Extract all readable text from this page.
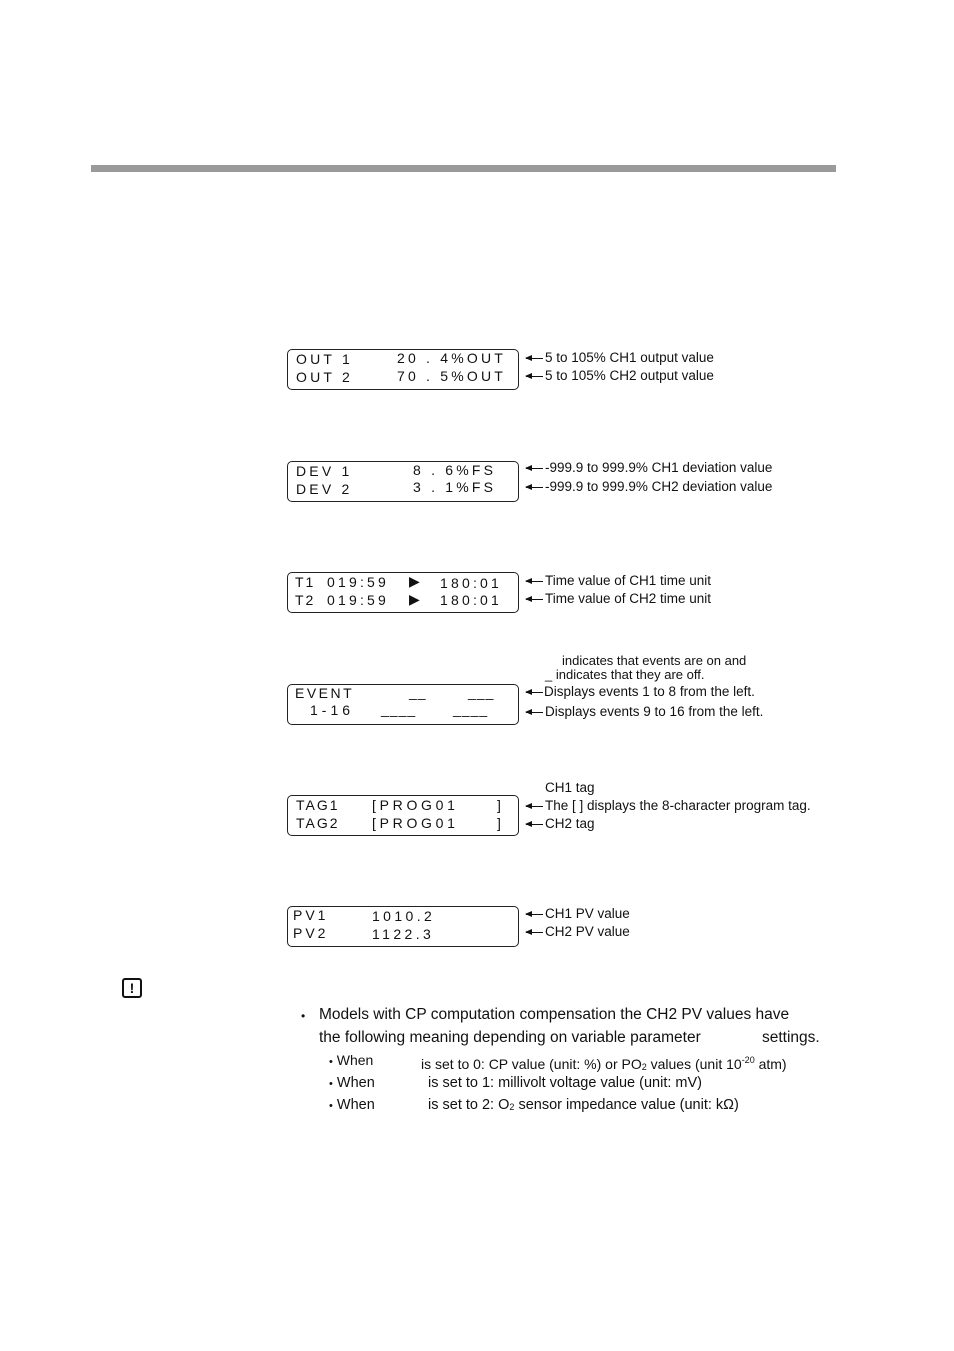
OUT 1	20 . 4%OUT
OUT 2	70 . 5%OUT
5 to 105% CH1 output value
5 to 105% CH2 output value
DEV 1	8 . 6%FS
DEV 2	3 . 1%FS
-999.9 to 999.9% CH1 deviation value
-999.9 to 999.9% CH2 deviation value
T1 019:59 ▶ 180:01
T2 019:59 ▶ 180:01
Time value of CH1 time unit
Time value of CH2 time unit
indicates that events are on and
_ indicates that they are off.
EVENT	__	___
1-16 ____	____
Displays events 1 to 8 from the left.
Displays events 9 to 16 from the left.
CH1 tag
TAG1 [PROG01	]
TAG2 [PROG01	]
The [ ] displays the 8-character program tag.
CH2 tag
PV1	1010.2
PV2	1122.3
CH1 PV value
CH2 PV value
!
• Models with CP computation compensation the CH2 PV values have
the following meaning depending on variable parameter	settings.
• When	is set to 0: CP value (unit: %) or $PO_2$ values (unit $10^{-20}$ atm)
• When	is set to 1: millivolt voltage value (unit: mV)
• When	is set to 2: $O_2$ sensor impedance value (unit: kΩ)
